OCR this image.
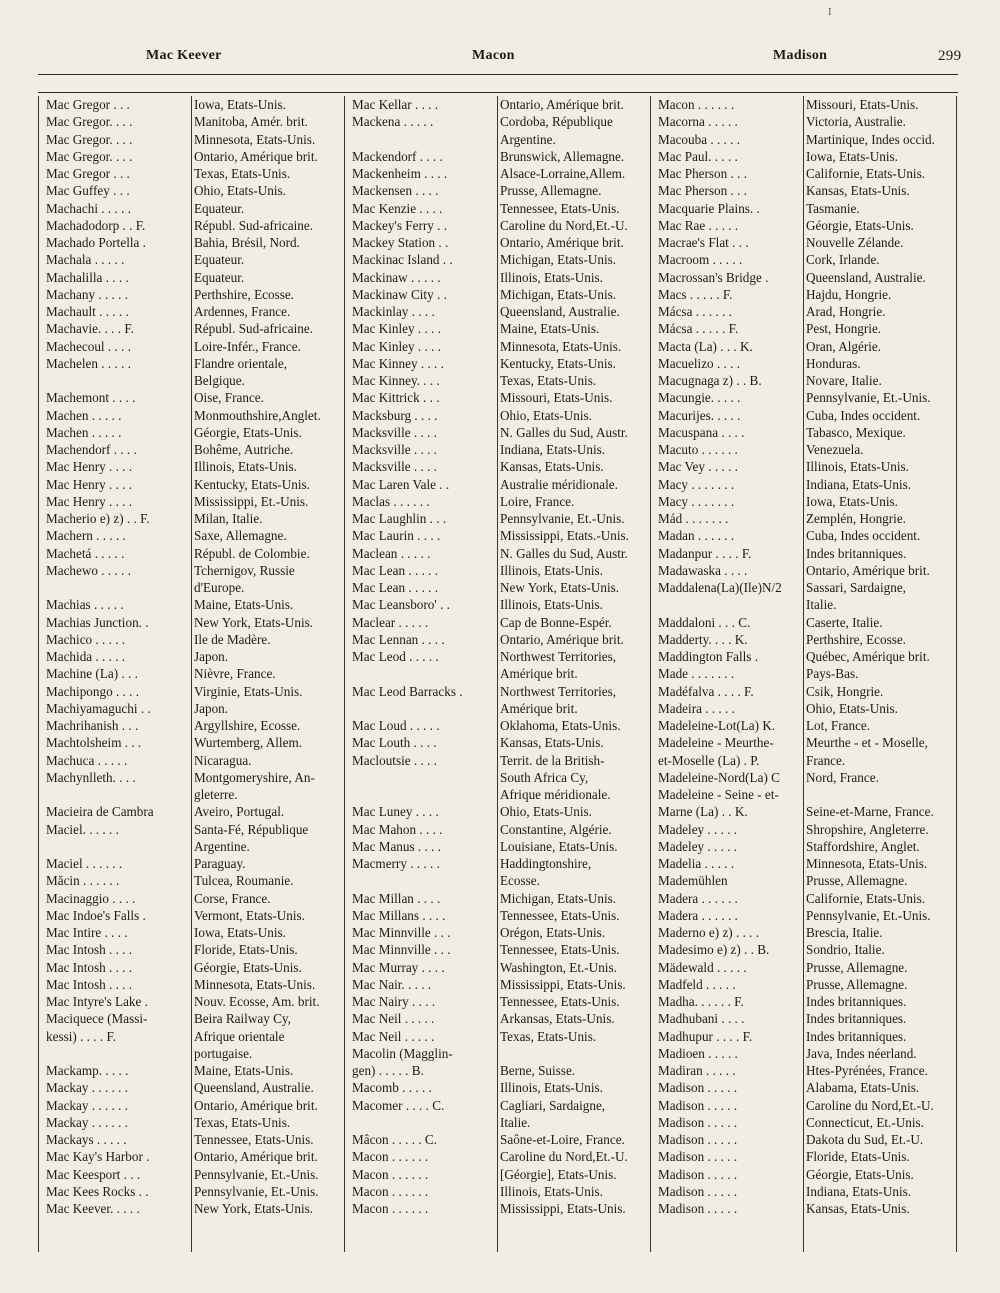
I
Mac Keever	Macon	Madison	299
Mac Gregor . . .	Iowa, Etats-Unis.
Mac Gregor. . . .	Manitoba, Amér. brit.
Mac Gregor. . . .	Minnesota, Etats-Unis.
Mac Gregor. . . .	Ontario, Amérique brit.
Mac Gregor . . .	Texas, Etats-Unis.
Mac Guffey . . .	Ohio, Etats-Unis.
Machachi . . . . .	Equateur.
Machadodorp . . F.	Républ. Sud-africaine.
Machado Portella .	Bahia, Brésil, Nord.
Machala . . . . .	Equateur.
Machalilla . . . .	Equateur.
Machany . . . . .	Perthshire, Ecosse.
Machault . . . . .	Ardennes, France.
Machavie. . . . F.	Républ. Sud-africaine.
Machecoul . . . .	Loire-Infér., France.
Machelen . . . . .	Flandre orientale,
Belgique.
Machemont . . . .	Oise, France.
Machen . . . . .	Monmouthshire,Anglet.
Machen . . . . .	Géorgie, Etats-Unis.
Machendorf . . . .	Bohême, Autriche.
Mac Henry . . . .	Illinois, Etats-Unis.
Mac Henry . . . .	Kentucky, Etats-Unis.
Mac Henry . . . .	Mississippi, Et.-Unis.
Macherio e) z) . . F.	Milan, Italie.
Machern . . . . .	Saxe, Allemagne.
Machetá . . . . .	Républ. de Colombie.
Machewo . . . . .	Tchernigov, Russie
d'Europe.
Machias . . . . .	Maine, Etats-Unis.
Machias Junction. .	New York, Etats-Unis.
Machico . . . . .	Ile de Madère.
Machida . . . . .	Japon.
Machine (La) . . .	Nièvre, France.
Machipongo . . . .	Virginie, Etats-Unis.
Machiyamaguchi . .	Japon.
Machrihanish . . .	Argyllshire, Ecosse.
Machtolsheim . . .	Wurtemberg, Allem.
Machuca . . . . .	Nicaragua.
Machynlleth. . . .	Montgomeryshire, An-
gleterre.
Macieira de Cambra	Aveiro, Portugal.
Maciel. . . . . .	Santa-Fé, République
Argentine.
Maciel . . . . . .	Paraguay.
Măcin . . . . . .	Tulcea, Roumanie.
Macinaggio . . . .	Corse, France.
Mac Indoe's Falls .	Vermont, Etats-Unis.
Mac Intire . . . .	Iowa, Etats-Unis.
Mac Intosh . . . .	Floride, Etats-Unis.
Mac Intosh . . . .	Géorgie, Etats-Unis.
Mac Intosh . . . .	Minnesota, Etats-Unis.
Mac Intyre's Lake .	Nouv. Ecosse, Am. brit.
Maciquece (Massi-	Beira Railway Cy,
kessi) . . . . F.	Afrique orientale
portugaise.
Mackamp. . . . .	Maine, Etats-Unis.
Mackay . . . . . .	Queensland, Australie.
Mackay . . . . . .	Ontario, Amérique brit.
Mackay . . . . . .	Texas, Etats-Unis.
Mackays . . . . .	Tennessee, Etats-Unis.
Mac Kay's Harbor .	Ontario, Amérique brit.
Mac Keesport . . .	Pennsylvanie, Et.-Unis.
Mac Kees Rocks . .	Pennsylvanie, Et.-Unis.
Mac Keever. . . . .	New York, Etats-Unis.
Mac Kellar . . . .	Ontario, Amérique brit.
Mackena . . . . .	Cordoba, République
Argentine.
Mackendorf . . . .	Brunswick, Allemagne.
Mackenheim . . . .	Alsace-Lorraine,Allem.
Mackensen . . . .	Prusse, Allemagne.
Mac Kenzie . . . .	Tennessee, Etats-Unis.
Mackey's Ferry . .	Caroline du Nord,Et.-U.
Mackey Station . .	Ontario, Amérique brit.
Mackinac Island . .	Michigan, Etats-Unis.
Mackinaw . . . . .	Illinois, Etats-Unis.
Mackinaw City . .	Michigan, Etats-Unis.
Mackinlay . . . .	Queensland, Australie.
Mac Kinley . . . .	Maine, Etats-Unis.
Mac Kinley . . . .	Minnesota, Etats-Unis.
Mac Kinney . . . .	Kentucky, Etats-Unis.
Mac Kinney. . . .	Texas, Etats-Unis.
Mac Kittrick . . .	Missouri, Etats-Unis.
Macksburg . . . .	Ohio, Etats-Unis.
Macksville . . . .	N. Galles du Sud, Austr.
Macksville . . . .	Indiana, Etats-Unis.
Macksville . . . .	Kansas, Etats-Unis.
Mac Laren Vale . .	Australie méridionale.
Maclas . . . . . .	Loire, France.
Mac Laughlin . . .	Pennsylvanie, Et.-Unis.
Mac Laurin . . . .	Mississippi, Etats.-Unis.
Maclean . . . . .	N. Galles du Sud, Austr.
Mac Lean . . . . .	Illinois, Etats-Unis.
Mac Lean . . . . .	New York, Etats-Unis.
Mac Leansboro' . .	Illinois, Etats-Unis.
Maclear . . . . .	Cap de Bonne-Espér.
Mac Lennan . . . .	Ontario, Amérique brit.
Mac Leod . . . . .	Northwest Territories,
Amérique brit.
Mac Leod Barracks .	Northwest Territories,
Amérique brit.
Mac Loud . . . . .	Oklahoma, Etats-Unis.
Mac Louth . . . .	Kansas, Etats-Unis.
Macloutsie . . . .	Territ. de la British-
South Africa Cy,
Afrique méridionale.
Mac Luney . . . .	Ohio, Etats-Unis.
Mac Mahon . . . .	Constantine, Algérie.
Mac Manus . . . .	Louisiane, Etats-Unis.
Macmerry . . . . .	Haddingtonshire,
Ecosse.
Mac Millan . . . .	Michigan, Etats-Unis.
Mac Millans . . . .	Tennessee, Etats-Unis.
Mac Minnville . . .	Orégon, Etats-Unis.
Mac Minnville . . .	Tennessee, Etats-Unis.
Mac Murray . . . .	Washington, Et.-Unis.
Mac Nair. . . . .	Mississippi, Etats-Unis.
Mac Nairy . . . .	Tennessee, Etats-Unis.
Mac Neil . . . . .	Arkansas, Etats-Unis.
Mac Neil . . . . .	Texas, Etats-Unis.
Macolin (Magglin-
gen) . . . . . B.	Berne, Suisse.
Macomb . . . . .	Illinois, Etats-Unis.
Macomer . . . . C.	Cagliari, Sardaigne,
Italie.
Mâcon . . . . . C.	Saône-et-Loire, France.
Macon . . . . . .	Caroline du Nord,Et.-U.
Macon . . . . . .	[Géorgie], Etats-Unis.
Macon . . . . . .	Illinois, Etats-Unis.
Macon . . . . . .	Mississippi, Etats-Unis.
Macon . . . . . .	Missouri, Etats-Unis.
Macorna . . . . .	Victoria, Australie.
Macouba . . . . .	Martinique, Indes occid.
Mac Paul. . . . .	Iowa, Etats-Unis.
Mac Pherson . . .	Californie, Etats-Unis.
Mac Pherson . . .	Kansas, Etats-Unis.
Macquarie Plains. .	Tasmanie.
Mac Rae . . . . .	Géorgie, Etats-Unis.
Macrae's Flat . . .	Nouvelle Zélande.
Macroom . . . . .	Cork, Irlande.
Macrossan's Bridge .	Queensland, Australie.
Macs . . . . . F.	Hajdu, Hongrie.
Mácsa . . . . . .	Arad, Hongrie.
Mácsa . . . . . F.	Pest, Hongrie.
Macta (La) . . . K.	Oran, Algérie.
Macuelizo . . . .	Honduras.
Macugnaga z) . . B.	Novare, Italie.
Macungie. . . . .	Pennsylvanie, Et.-Unis.
Macurijes. . . . .	Cuba, Indes occident.
Macuspana . . . .	Tabasco, Mexique.
Macuto . . . . . .	Venezuela.
Mac Vey . . . . .	Illinois, Etats-Unis.
Macy . . . . . . .	Indiana, Etats-Unis.
Macy . . . . . . .	Iowa, Etats-Unis.
Mád . . . . . . .	Zemplén, Hongrie.
Madan . . . . . .	Cuba, Indes occident.
Madanpur . . . . F.	Indes britanniques.
Madawaska . . . .	Ontario, Amérique brit.
Maddalena(La)(Ile)N/2	Sassari, Sardaigne,
Italie.
Maddaloni . . . C.	Caserte, Italie.
Madderty. . . . K.	Perthshire, Ecosse.
Maddington Falls .	Québec, Amérique brit.
Made . . . . . . .	Pays-Bas.
Madéfalva . . . . F.	Csik, Hongrie.
Madeira . . . . .	Ohio, Etats-Unis.
Madeleine-Lot(La) K.	Lot, France.
Madeleine - Meurthe-	Meurthe - et - Moselle,
et-Moselle (La) . P.	France.
Madeleine-Nord(La) C	Nord, France.
Madeleine - Seine - et-
Marne (La) . . K.	Seine-et-Marne, France.
Madeley . . . . .	Shropshire, Angleterre.
Madeley . . . . .	Staffordshire, Anglet.
Madelia . . . . .	Minnesota, Etats-Unis.
Mademühlen	Prusse, Allemagne.
Madera . . . . . .	Californie, Etats-Unis.
Madera . . . . . .	Pennsylvanie, Et.-Unis.
Maderno e) z) . . . .	Brescia, Italie.
Madesimo e) z) . . B.	Sondrio, Italie.
Mädewald . . . . .	Prusse, Allemagne.
Madfeld . . . . .	Prusse, Allemagne.
Madha. . . . . . F.	Indes britanniques.
Madhubani . . . .	Indes britanniques.
Madhupur . . . . F.	Indes britanniques.
Madioen . . . . .	Java, Indes néerland.
Madiran . . . . .	Htes-Pyrénées, France.
Madison . . . . .	Alabama, Etats-Unis.
Madison . . . . .	Caroline du Nord,Et.-U.
Madison . . . . .	Connecticut, Et.-Unis.
Madison . . . . .	Dakota du Sud, Et.-U.
Madison . . . . .	Floride, Etats-Unis.
Madison . . . . .	Géorgie, Etats-Unis.
Madison . . . . .	Indiana, Etats-Unis.
Madison . . . . .	Kansas, Etats-Unis.
